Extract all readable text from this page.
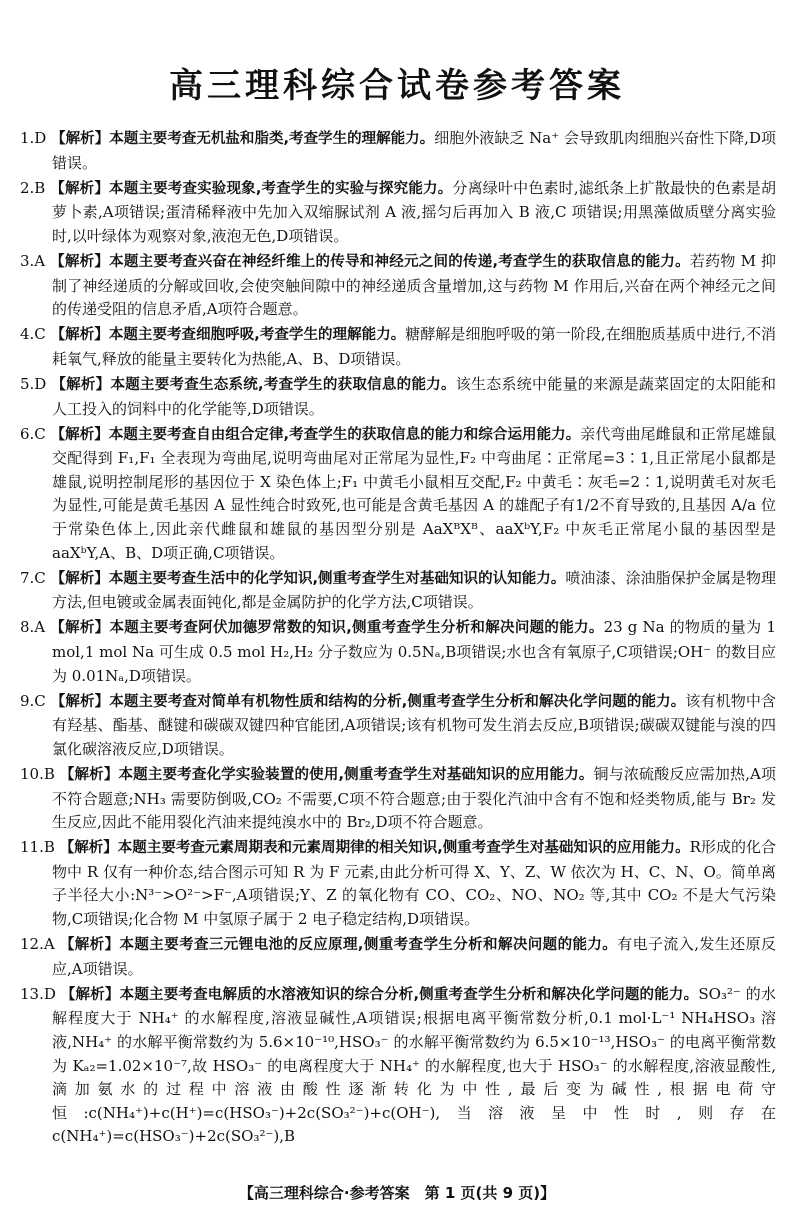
高三理科综合试卷参考答案
1.D 【解析】本题主要考查无机盐和脂类,考查学生的理解能力。细胞外液缺乏 Na⁺ 会导致肌肉细胞兴奋性下降,D项错误。
2.B 【解析】本题主要考查实验现象,考查学生的实验与探究能力。分离绿叶中色素时,滤纸条上扩散最快的色素是胡萝卜素,A项错误;蛋清稀释液中先加入双缩脲试剂 A 液,摇匀后再加入 B 液,C 项错误;用黑藻做质壁分离实验时,以叶绿体为观察对象,液泡无色,D项错误。
3.A 【解析】本题主要考查兴奋在神经纤维上的传导和神经元之间的传递,考查学生的获取信息的能力。若药物 M 抑制了神经递质的分解或回收,会使突触间隙中的神经递质含量增加,这与药物 M 作用后,兴奋在两个神经元之间的传递受阻的信息矛盾,A项符合题意。
4.C 【解析】本题主要考查细胞呼吸,考查学生的理解能力。糖酵解是细胞呼吸的第一阶段,在细胞质基质中进行,不消耗氧气,释放的能量主要转化为热能,A、B、D项错误。
5.D 【解析】本题主要考查生态系统,考查学生的获取信息的能力。该生态系统中能量的来源是蔬菜固定的太阳能和人工投入的饲料中的化学能等,D项错误。
6.C 【解析】本题主要考查自由组合定律,考查学生的获取信息的能力和综合运用能力。亲代弯曲尾雌鼠和正常尾雄鼠交配得到 F₁,F₁ 全表现为弯曲尾,说明弯曲尾对正常尾为显性,F₂ 中弯曲尾∶正常尾=3∶1,且正常尾小鼠都是雄鼠,说明控制尾形的基因位于 X 染色体上;F₁ 中黄毛小鼠相互交配,F₂ 中黄毛∶灰毛=2∶1,说明黄毛对灰毛为显性,可能是黄毛基因 A 显性纯合时致死,也可能是含黄毛基因 A 的雄配子有1/2不育导致的,且基因 A/a 位于常染色体上,因此亲代雌鼠和雄鼠的基因型分别是 AaXᴮXᴮ、aaXᵇY,F₂ 中灰毛正常尾小鼠的基因型是 aaXᵇY,A、B、D项正确,C项错误。
7.C 【解析】本题主要考查生活中的化学知识,侧重考查学生对基础知识的认知能力。喷油漆、涂油脂保护金属是物理方法,但电镀或金属表面钝化,都是金属防护的化学方法,C项错误。
8.A 【解析】本题主要考查阿伏加德罗常数的知识,侧重考查学生分析和解决问题的能力。23 g Na 的物质的量为 1 mol,1 mol Na 可生成 0.5 mol H₂,H₂ 分子数应为 0.5Nₐ,B项错误;水也含有氧原子,C项错误;OH⁻ 的数目应为 0.01Nₐ,D项错误。
9.C 【解析】本题主要考查对简单有机物性质和结构的分析,侧重考查学生分析和解决化学问题的能力。该有机物中含有羟基、酯基、醚键和碳碳双键四种官能团,A项错误;该有机物可发生消去反应,B项错误;碳碳双键能与溴的四氯化碳溶液反应,D项错误。
10.B 【解析】本题主要考查化学实验装置的使用,侧重考查学生对基础知识的应用能力。铜与浓硫酸反应需加热,A项不符合题意;NH₃ 需要防倒吸,CO₂ 不需要,C项不符合题意;由于裂化汽油中含有不饱和烃类物质,能与 Br₂ 发生反应,因此不能用裂化汽油来提纯溴水中的 Br₂,D项不符合题意。
11.B 【解析】本题主要考查元素周期表和元素周期律的相关知识,侧重考查学生对基础知识的应用能力。R形成的化合物中 R 仅有一种价态,结合图示可知 R 为 F 元素,由此分析可得 X、Y、Z、W 依次为 H、C、N、O。简单离子半径大小:N³⁻>O²⁻>F⁻,A项错误;Y、Z 的氧化物有 CO、CO₂、NO、NO₂ 等,其中 CO₂ 不是大气污染物,C项错误;化合物 M 中氢原子属于 2 电子稳定结构,D项错误。
12.A 【解析】本题主要考查三元锂电池的反应原理,侧重考查学生分析和解决问题的能力。有电子流入,发生还原反应,A项错误。
13.D 【解析】本题主要考查电解质的水溶液知识的综合分析,侧重考查学生分析和解决化学问题的能力。SO₃²⁻ 的水解程度大于 NH₄⁺ 的水解程度,溶液显碱性,A项错误;根据电离平衡常数分析,0.1 mol·L⁻¹ NH₄HSO₃ 溶液,NH₄⁺ 的水解平衡常数约为 5.6×10⁻¹⁰,HSO₃⁻ 的水解平衡常数约为 6.5×10⁻¹³,HSO₃⁻ 的电离平衡常数为 Kₐ₂=1.02×10⁻⁷,故 HSO₃⁻ 的电离程度大于 NH₄⁺ 的水解程度,也大于 HSO₃⁻ 的水解程度,溶液显酸性,滴加氨水的过程中溶液由酸性逐渐转化为中性,最后变为碱性,根据电荷守恒:c(NH₄⁺)+c(H⁺)=c(HSO₃⁻)+2c(SO₃²⁻)+c(OH⁻),当溶液呈中性时,则存在 c(NH₄⁺)=c(HSO₃⁻)+2c(SO₃²⁻),B
【高三理科综合·参考答案　第 1 页(共 9 页)】
